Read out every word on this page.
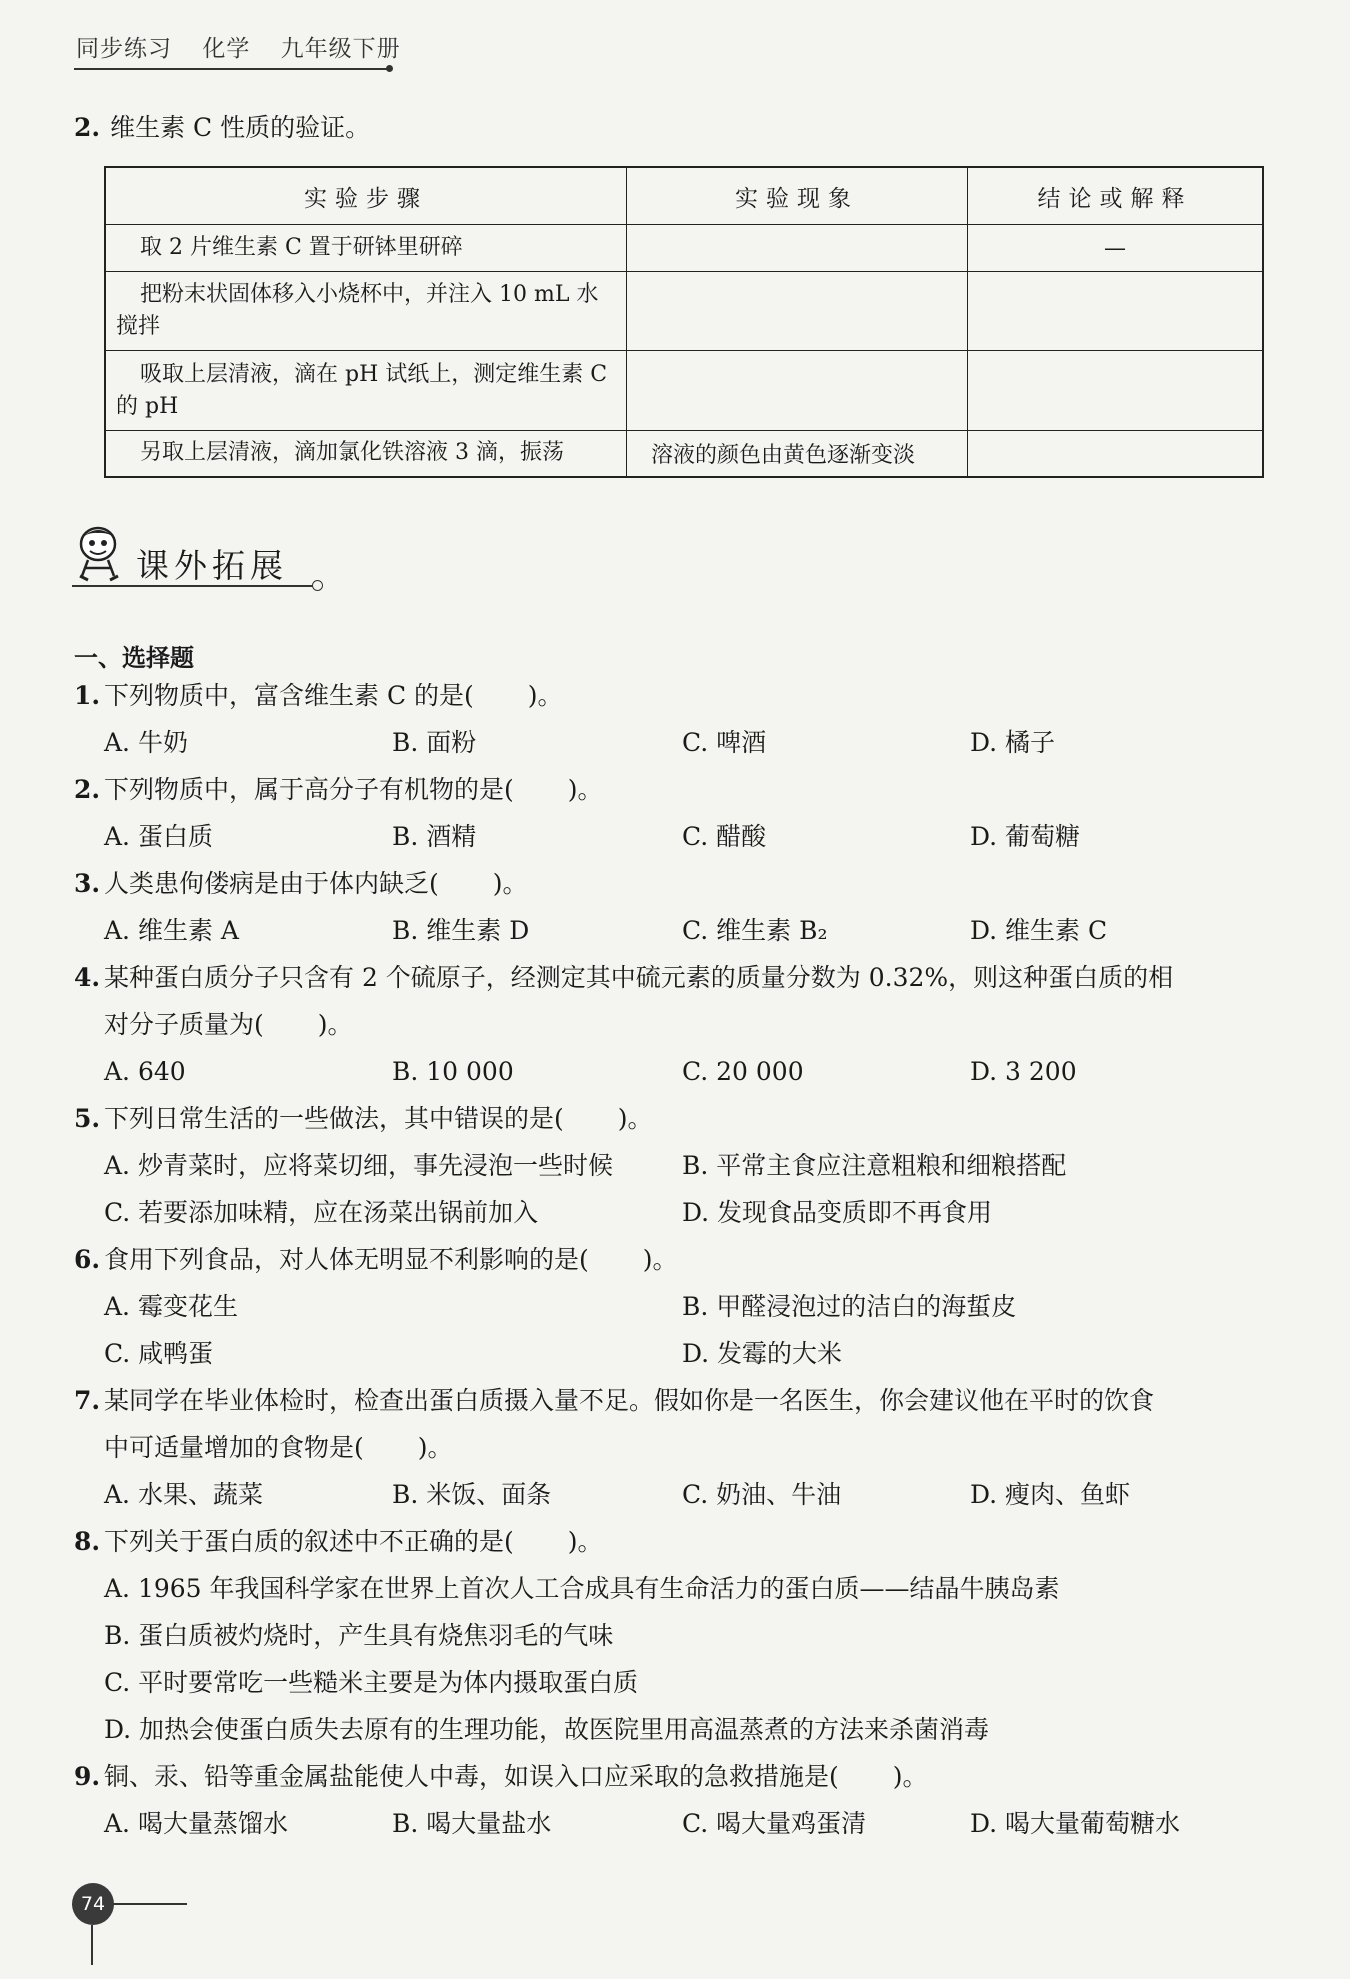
同步练习 化学 九年级下册
2. 维生素 C 性质的验证。
实验步骤	实验现象	结论或解释
取 2 片维生素 C 置于研钵里研碎		—
把粉末状固体移入小烧杯中，并注入 10 mL 水搅拌		
吸取上层清液，滴在 pH 试纸上，测定维生素 C 的 pH		
另取上层清液，滴加氯化铁溶液 3 滴，振荡	溶液的颜色由黄色逐渐变淡	
课外拓展
一、选择题
1. 下列物质中，富含维生素 C 的是( )。
A. 牛奶	B. 面粉	C. 啤酒	D. 橘子
2. 下列物质中，属于高分子有机物的是( )。
A. 蛋白质	B. 酒精	C. 醋酸	D. 葡萄糖
3. 人类患佝偻病是由于体内缺乏( )。
A. 维生素 A	B. 维生素 D	C. 维生素 B₂	D. 维生素 C
4. 某种蛋白质分子只含有 2 个硫原子，经测定其中硫元素的质量分数为 0.32%，则这种蛋白质的相
对分子质量为( )。
A. 640	B. 10 000	C. 20 000	D. 3 200
5. 下列日常生活的一些做法，其中错误的是( )。
A. 炒青菜时，应将菜切细，事先浸泡一些时候	B. 平常主食应注意粗粮和细粮搭配
C. 若要添加味精，应在汤菜出锅前加入	D. 发现食品变质即不再食用
6. 食用下列食品，对人体无明显不利影响的是( )。
A. 霉变花生	B. 甲醛浸泡过的洁白的海蜇皮
C. 咸鸭蛋	D. 发霉的大米
7. 某同学在毕业体检时，检查出蛋白质摄入量不足。假如你是一名医生，你会建议他在平时的饮食
中可适量增加的食物是( )。
A. 水果、蔬菜	B. 米饭、面条	C. 奶油、牛油	D. 瘦肉、鱼虾
8. 下列关于蛋白质的叙述中不正确的是( )。
A. 1965 年我国科学家在世界上首次人工合成具有生命活力的蛋白质——结晶牛胰岛素
B. 蛋白质被灼烧时，产生具有烧焦羽毛的气味
C. 平时要常吃一些糙米主要是为体内摄取蛋白质
D. 加热会使蛋白质失去原有的生理功能，故医院里用高温蒸煮的方法来杀菌消毒
9. 铜、汞、铅等重金属盐能使人中毒，如误入口应采取的急救措施是( )。
A. 喝大量蒸馏水	B. 喝大量盐水	C. 喝大量鸡蛋清	D. 喝大量葡萄糖水
74
